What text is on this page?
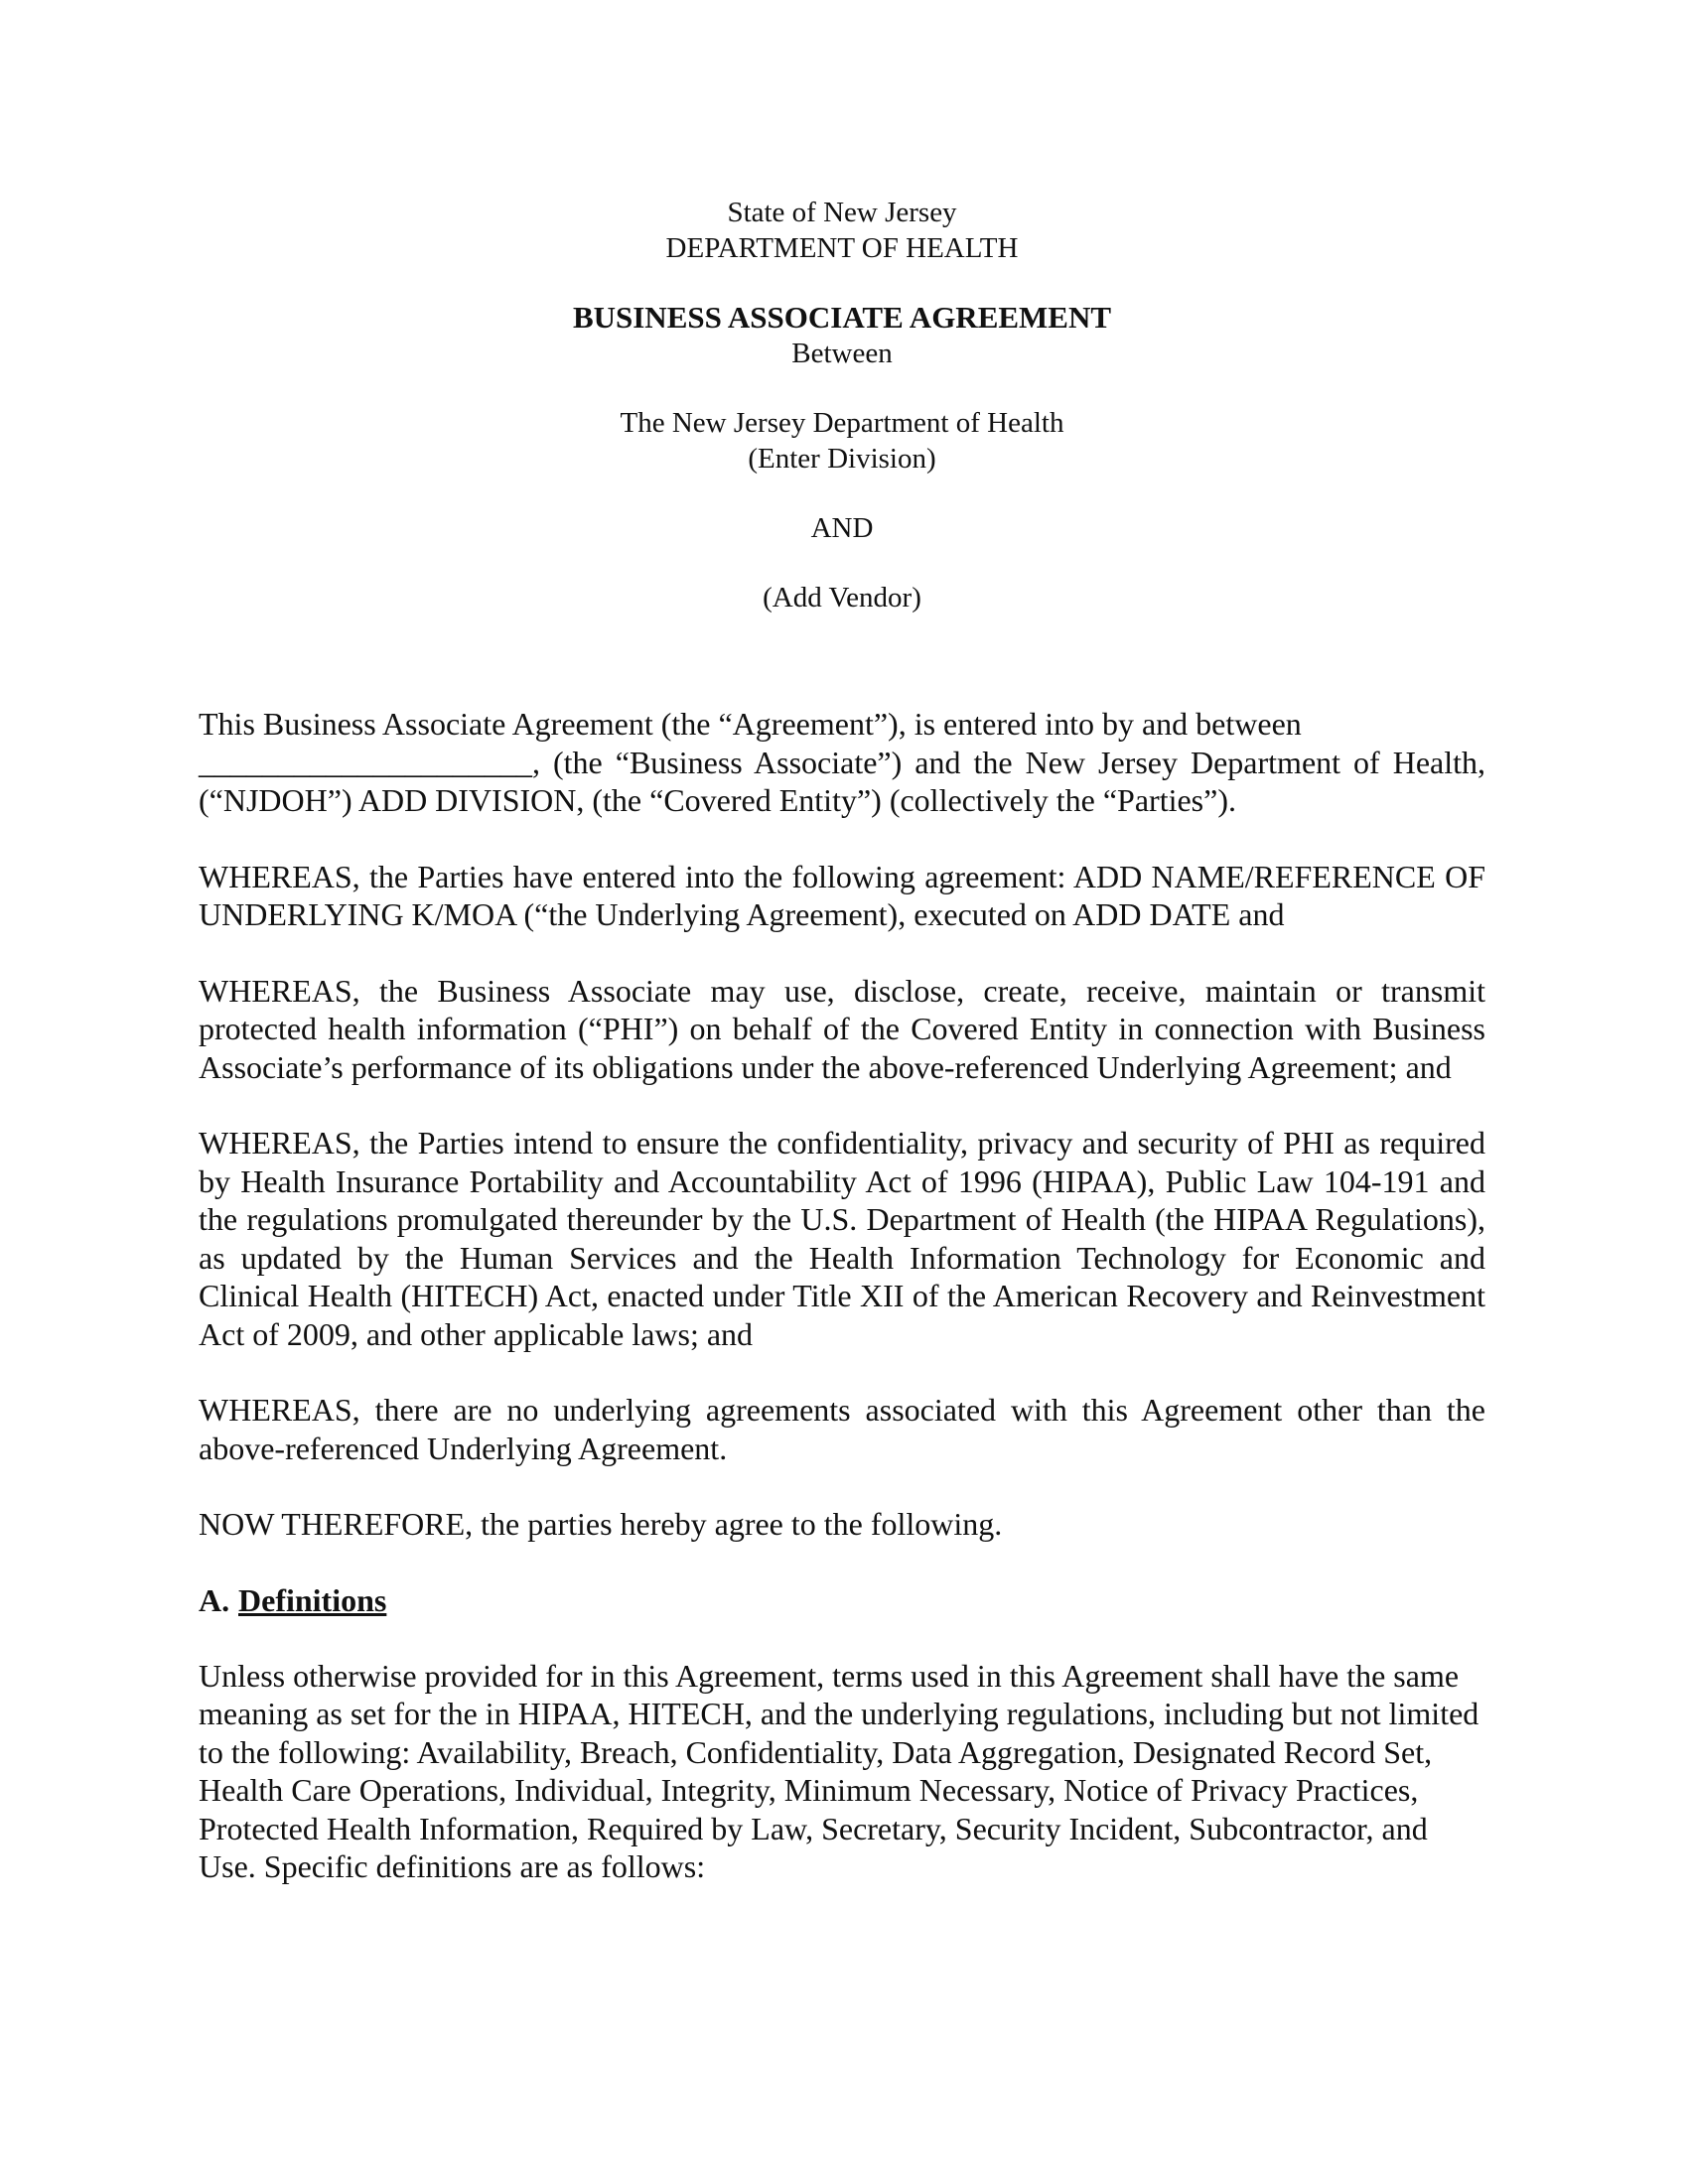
State of New Jersey
DEPARTMENT OF HEALTH
BUSINESS ASSOCIATE AGREEMENT
Between
The New Jersey Department of Health
(Enter Division)
AND
(Add Vendor)
This Business Associate Agreement (the “Agreement”), is entered into by and between
_____________________, (the “Business Associate”) and the New Jersey Department of Health, (“NJDOH”) ADD DIVISION, (the “Covered Entity”) (collectively the “Parties”).

WHEREAS, the Parties have entered into the following agreement: ADD NAME/REFERENCE OF UNDERLYING K/MOA (“the Underlying Agreement), executed on ADD DATE and

WHEREAS, the Business Associate may use, disclose, create, receive, maintain or transmit protected health information (“PHI”) on behalf of the Covered Entity in connection with Business Associate’s performance of its obligations under the above-referenced Underlying Agreement; and

WHEREAS, the Parties intend to ensure the confidentiality, privacy and security of PHI as required by Health Insurance Portability and Accountability Act of 1996 (HIPAA), Public Law 104-191 and the regulations promulgated thereunder by the U.S. Department of Health (the HIPAA Regulations), as updated by the Human Services and the Health Information Technology for Economic and Clinical Health (HITECH) Act, enacted under Title XII of the American Recovery and Reinvestment Act of 2009, and other applicable laws; and

WHEREAS, there are no underlying agreements associated with this Agreement other than the above-referenced Underlying Agreement.

NOW THEREFORE, the parties hereby agree to the following.

A. Definitions

Unless otherwise provided for in this Agreement, terms used in this Agreement shall have the same meaning as set for the in HIPAA, HITECH, and the underlying regulations, including but not limited to the following: Availability, Breach, Confidentiality, Data Aggregation, Designated Record Set, Health Care Operations, Individual, Integrity, Minimum Necessary, Notice of Privacy Practices, Protected Health Information, Required by Law, Secretary, Security Incident, Subcontractor, and Use. Specific definitions are as follows:
